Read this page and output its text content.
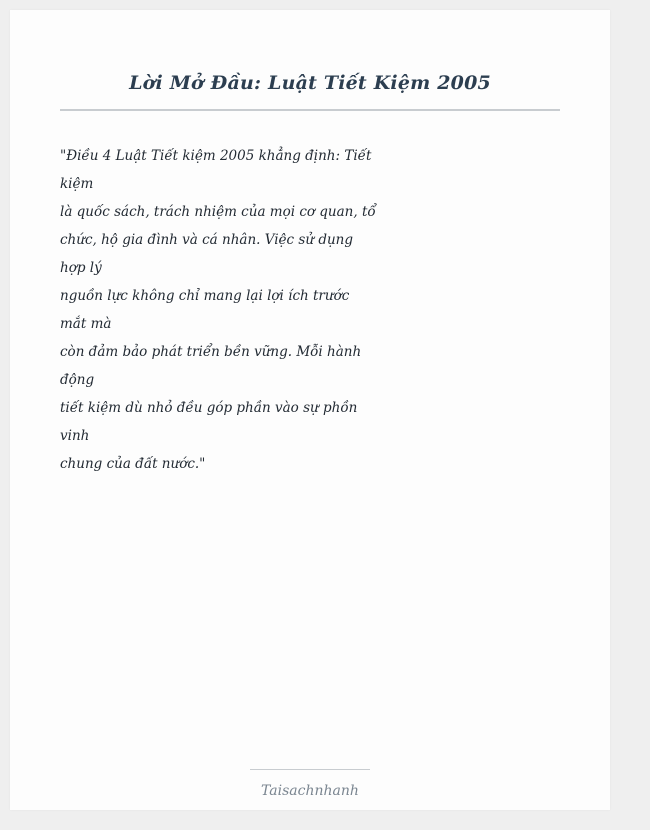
Lời Mở Đầu: Luật Tiết Kiệm 2005
"Điều 4 Luật Tiết kiệm 2005 khẳng định: Tiết
kiệm
là quốc sách, trách nhiệm của mọi cơ quan, tổ
chức, hộ gia đình và cá nhân. Việc sử dụng
hợp lý
nguồn lực không chỉ mang lại lợi ích trước
mắt mà
còn đảm bảo phát triển bền vững. Mỗi hành
động
tiết kiệm dù nhỏ đều góp phần vào sự phồn
vinh
chung của đất nước."
Taisachnhanh
